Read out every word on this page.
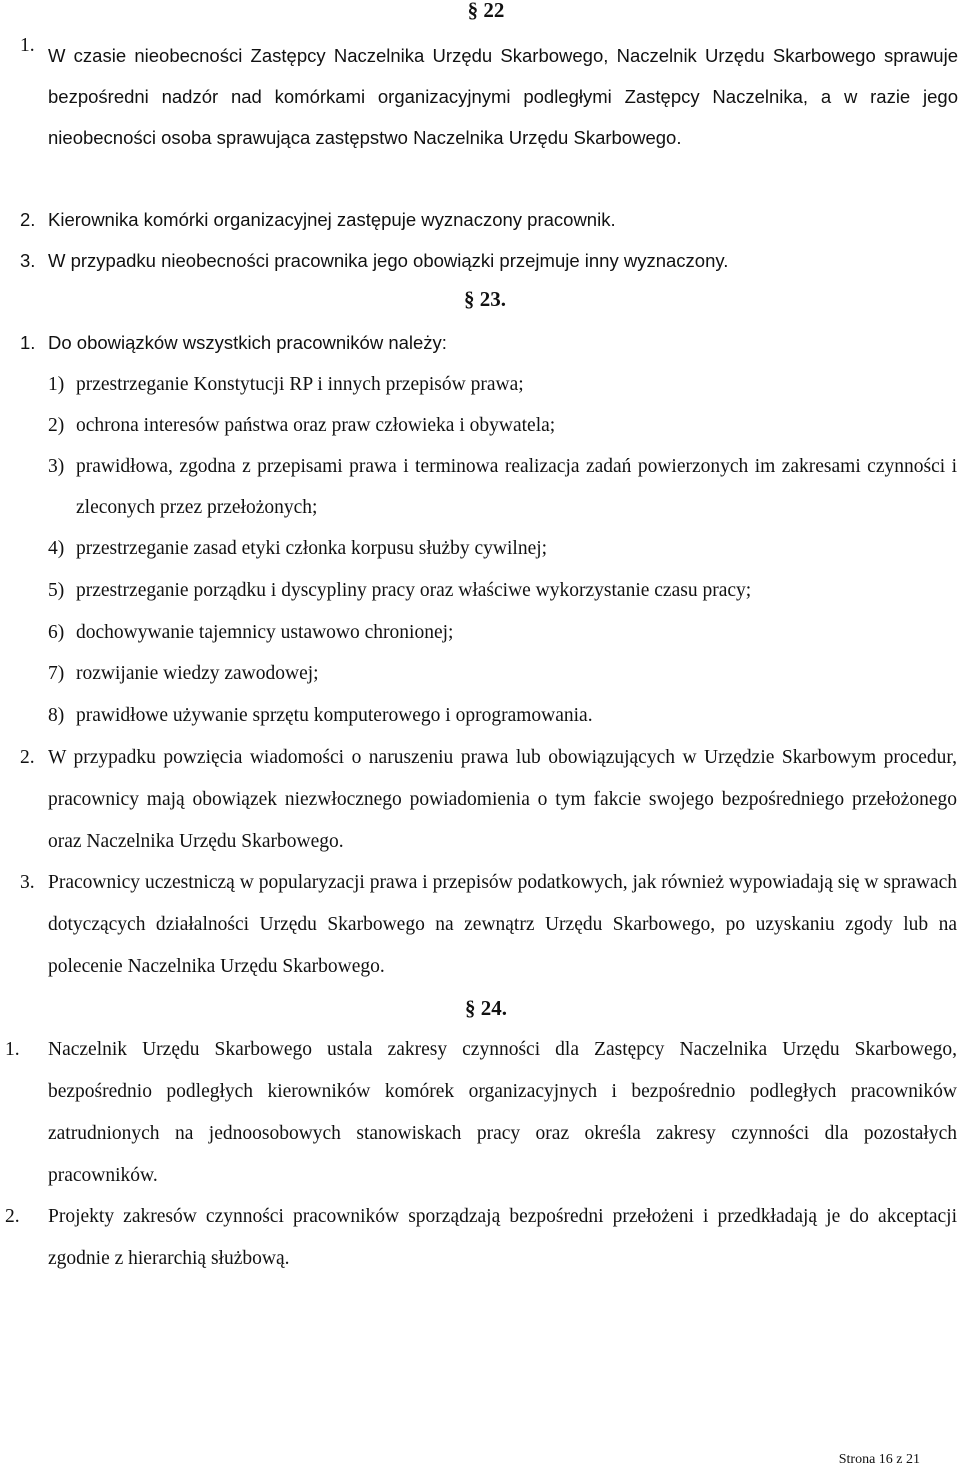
§ 22
1. W czasie nieobecności Zastępcy Naczelnika Urzędu Skarbowego, Naczelnik Urzędu Skarbowego sprawuje bezpośredni nadzór nad komórkami organizacyjnymi podległymi Zastępcy Naczelnika, a w razie jego nieobecności osoba sprawująca zastępstwo Naczelnika Urzędu Skarbowego.
2. Kierownika komórki organizacyjnej zastępuje wyznaczony pracownik.
3. W przypadku nieobecności pracownika jego obowiązki przejmuje inny wyznaczony.
§ 23.
1. Do obowiązków wszystkich pracowników należy:
1) przestrzeganie Konstytucji RP i innych przepisów prawa;
2) ochrona interesów państwa oraz praw człowieka i obywatela;
3) prawidłowa, zgodna z przepisami prawa i terminowa realizacja zadań powierzonych im zakresami czynności i zleconych przez przełożonych;
4) przestrzeganie zasad etyki członka korpusu służby cywilnej;
5) przestrzeganie porządku i dyscypliny pracy oraz właściwe wykorzystanie czasu pracy;
6) dochowywanie tajemnicy ustawowo chronionej;
7) rozwijanie wiedzy zawodowej;
8) prawidłowe używanie sprzętu komputerowego i oprogramowania.
2. W przypadku powzięcia wiadomości o naruszeniu prawa lub obowiązujących w Urzędzie Skarbowym procedur, pracownicy mają obowiązek niezwłocznego powiadomienia o tym fakcie swojego bezpośredniego przełożonego oraz Naczelnika Urzędu Skarbowego.
3. Pracownicy uczestniczą w popularyzacji prawa i przepisów podatkowych, jak również wypowiadają się w sprawach dotyczących działalności Urzędu Skarbowego na zewnątrz Urzędu Skarbowego, po uzyskaniu zgody lub na polecenie Naczelnika Urzędu Skarbowego.
§ 24.
1. Naczelnik Urzędu Skarbowego ustala zakresy czynności dla Zastępcy Naczelnika Urzędu Skarbowego, bezpośrednio podległych kierowników komórek organizacyjnych i bezpośrednio podległych pracowników zatrudnionych na jednoosobowych stanowiskach pracy oraz określa zakresy czynności dla pozostałych pracowników.
2. Projekty zakresów czynności pracowników sporządzają bezpośredni przełożeni i przedkładają je do akceptacji zgodnie z hierarchią służbową.
Strona 16 z 21
